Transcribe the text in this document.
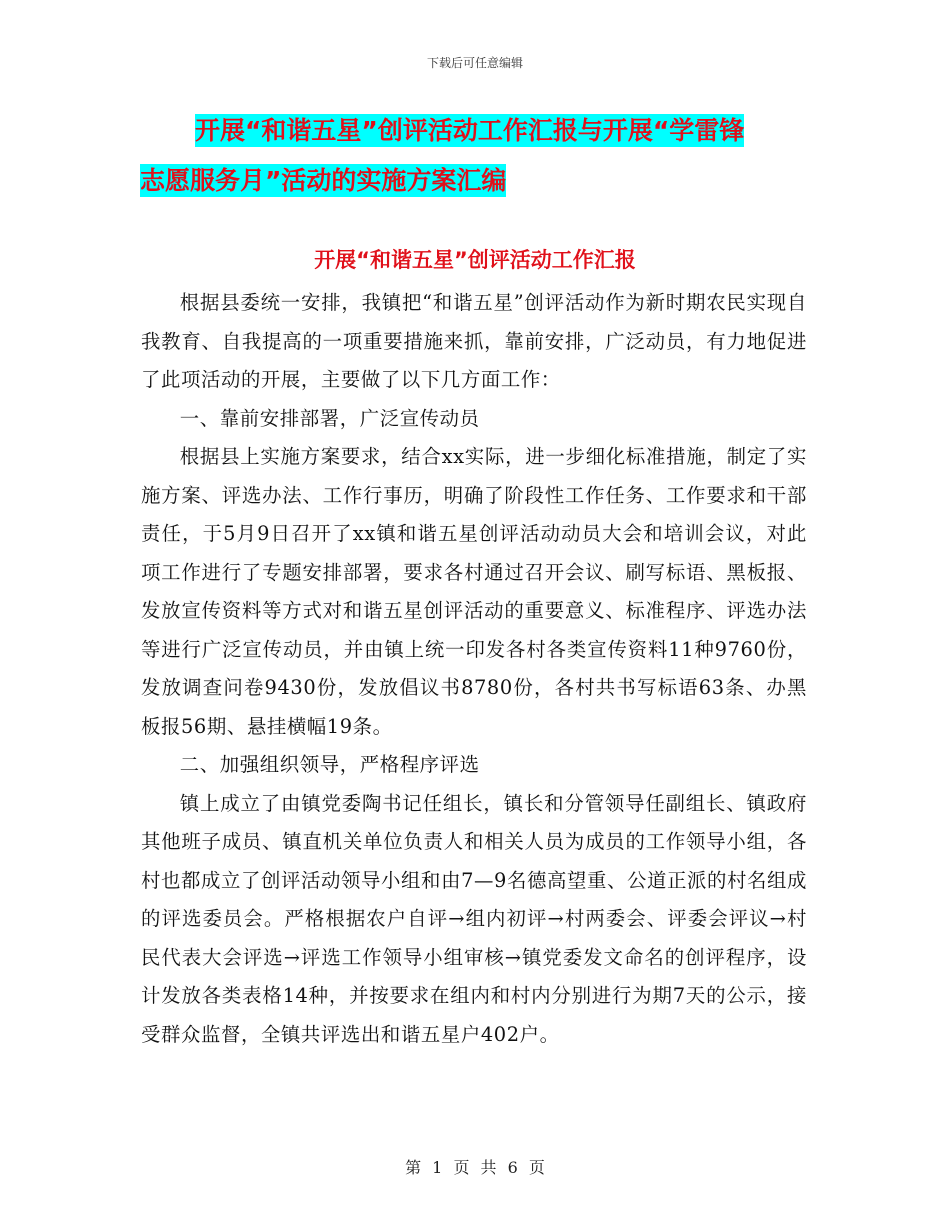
下载后可任意编辑
开展“和谐五星”创评活动工作汇报与开展“学雷锋
志愿服务月”活动的实施方案汇编
开展“和谐五星”创评活动工作汇报

根据县委统一安排，我镇把“和谐五星”创评活动作为新时期农民实现自我教育、自我提高的一项重要措施来抓，靠前安排，广泛动员，有力地促进了此项活动的开展，主要做了以下几方面工作：

一、靠前安排部署，广泛宣传动员

根据县上实施方案要求，结合xx实际，进一步细化标准措施，制定了实施方案、评选办法、工作行事历，明确了阶段性工作任务、工作要求和干部责任，于5月9日召开了xx镇和谐五星创评活动动员大会和培训会议，对此项工作进行了专题安排部署，要求各村通过召开会议、刷写标语、黑板报、发放宣传资料等方式对和谐五星创评活动的重要意义、标准程序、评选办法等进行广泛宣传动员，并由镇上统一印发各村各类宣传资料11种9760份，发放调查问卷9430份，发放倡议书8780份，各村共书写标语63条、办黑板报56期、悬挂横幅19条。

二、加强组织领导，严格程序评选

镇上成立了由镇党委陶书记任组长，镇长和分管领导任副组长、镇政府其他班子成员、镇直机关单位负责人和相关人员为成员的工作领导小组，各村也都成立了创评活动领导小组和由7—9名德高望重、公道正派的村名组成的评选委员会。严格根据农户自评→组内初评→村两委会、评委会评议→村民代表大会评选→评选工作领导小组审核→镇党委发文命名的创评程序，设计发放各类表格14种，并按要求在组内和村内分别进行为期7天的公示，接受群众监督，全镇共评选出和谐五星户402户。

第 1 页 共 6 页
